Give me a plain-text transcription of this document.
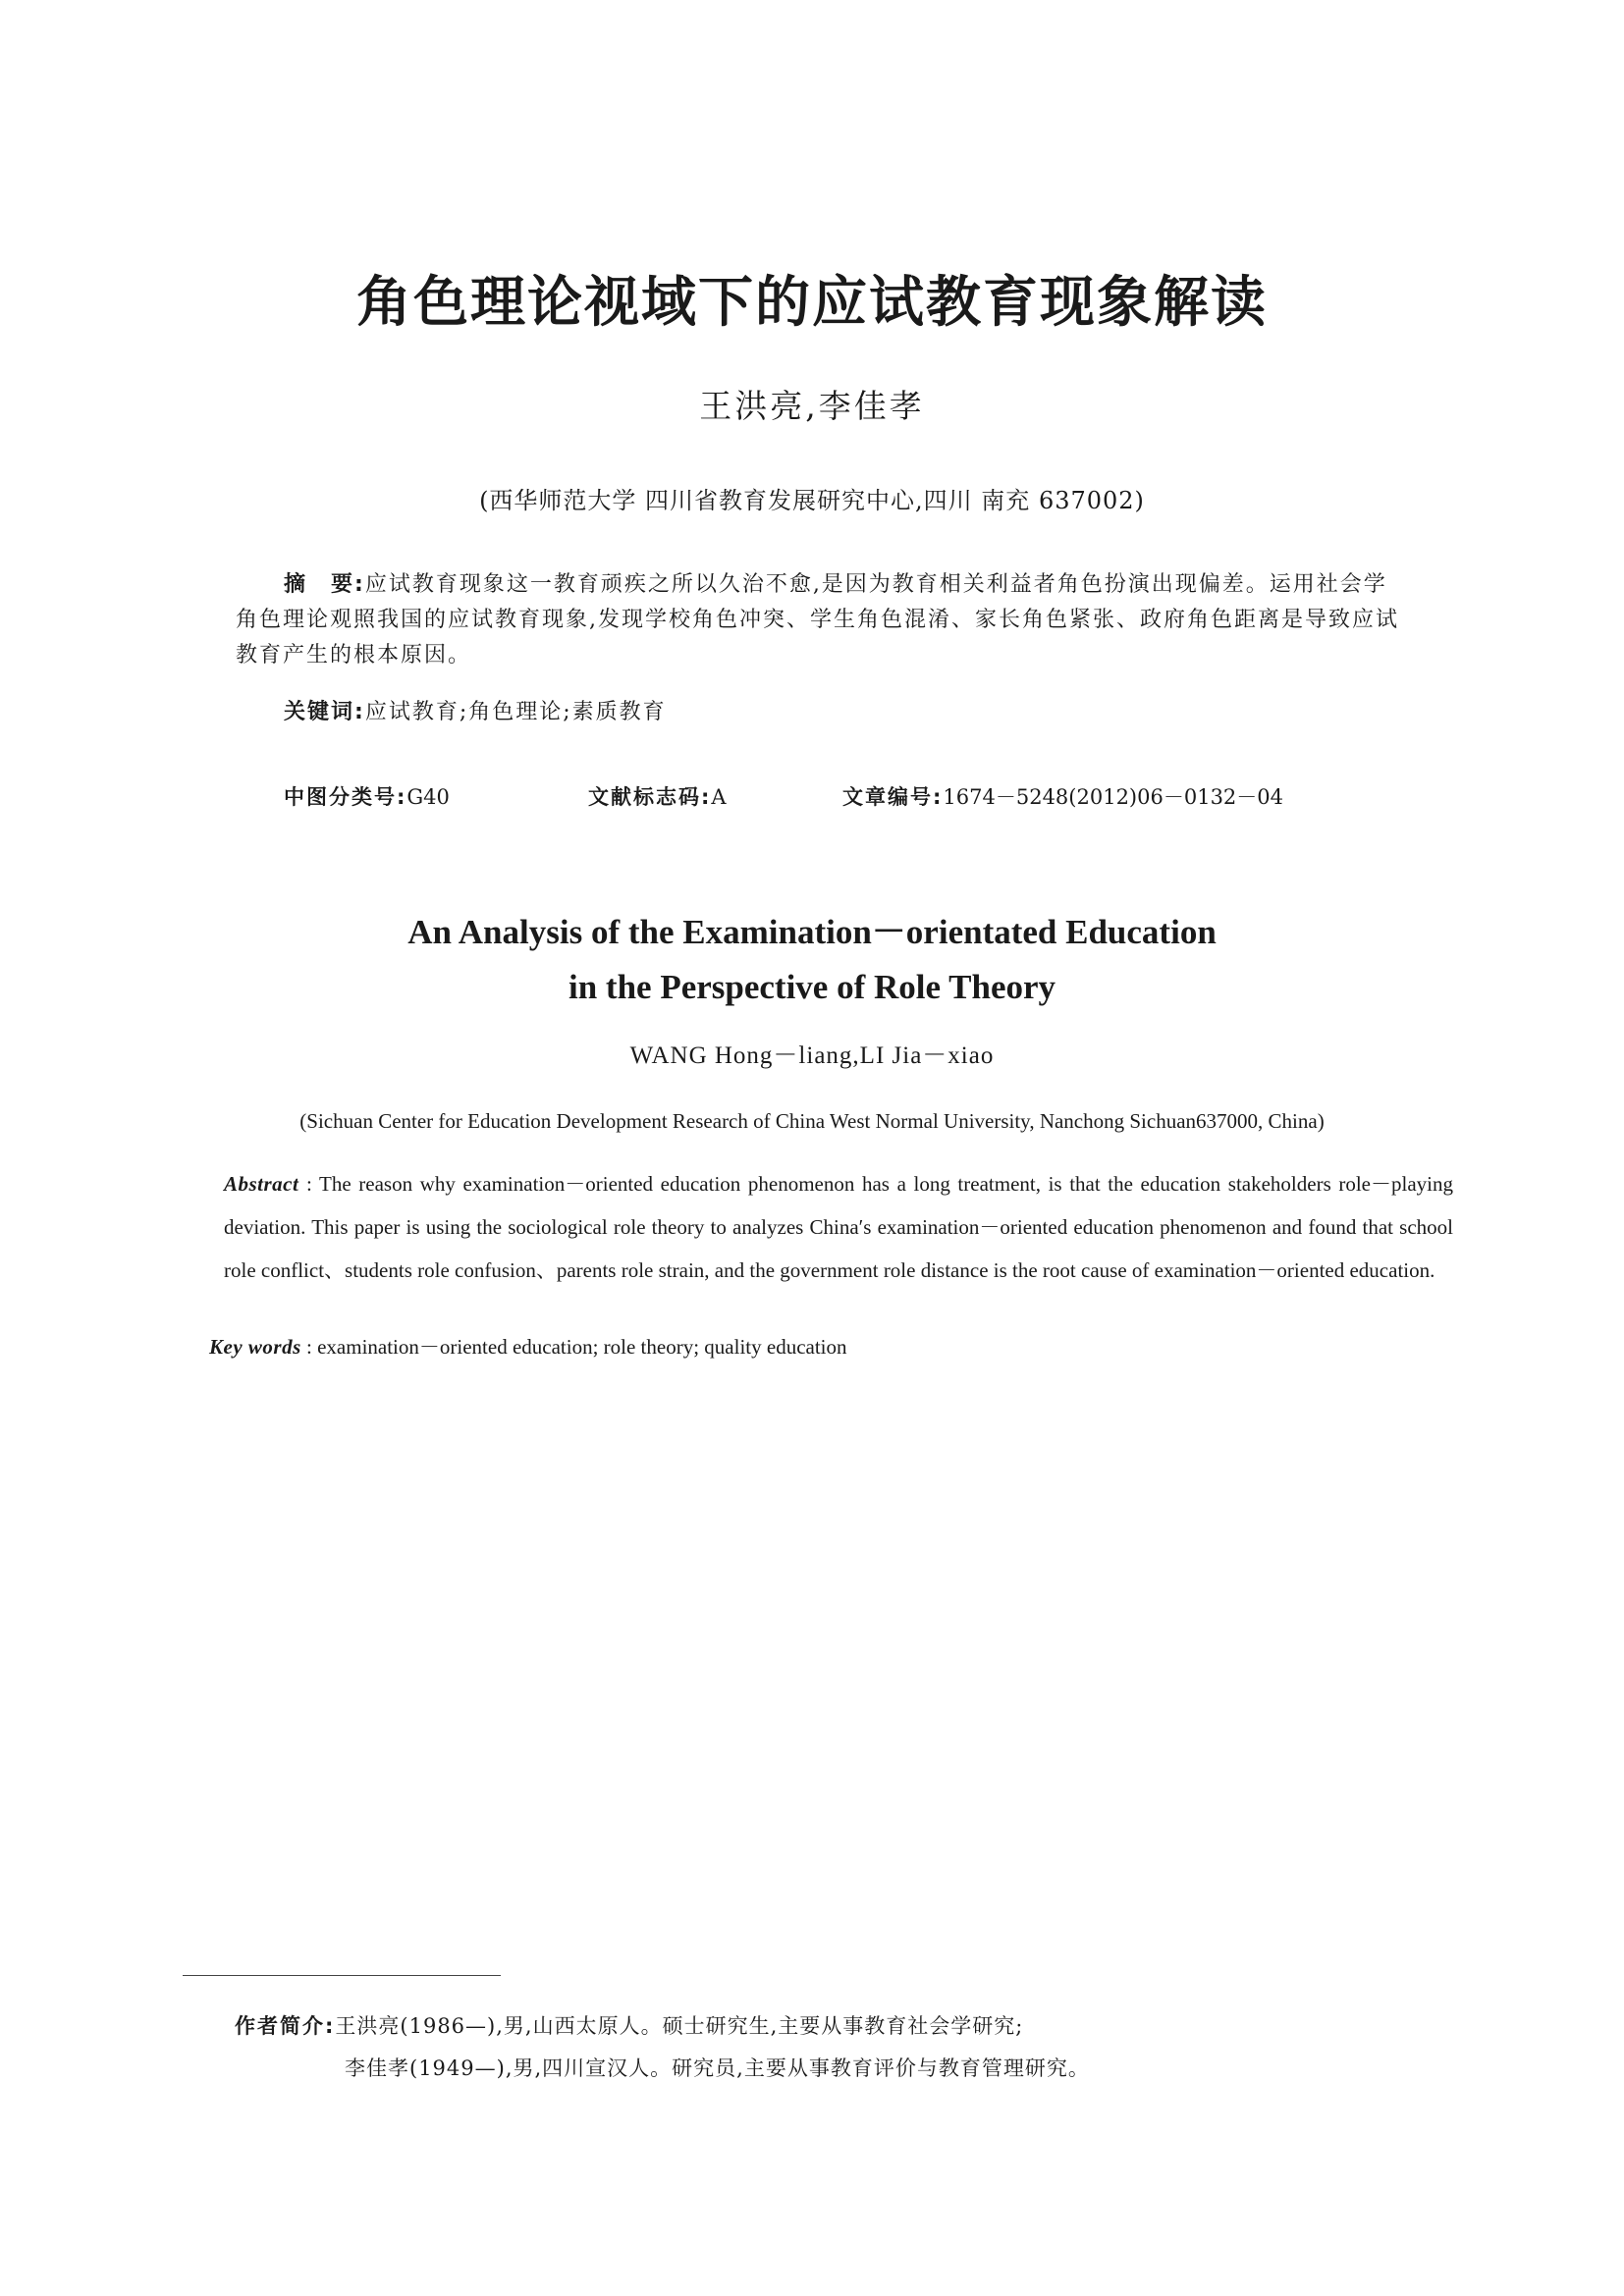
角色理论视域下的应试教育现象解读
王洪亮,李佳孝
(西华师范大学 四川省教育发展研究中心,四川 南充 637002)
摘　要:应试教育现象这一教育顽疾之所以久治不愈,是因为教育相关利益者角色扮演出现偏差。运用社会学角色理论观照我国的应试教育现象,发现学校角色冲突、学生角色混淆、家长角色紧张、政府角色距离是导致应试教育产生的根本原因。
关键词:应试教育;角色理论;素质教育
中图分类号:G40	文献标志码:A	文章编号:1674－5248(2012)06－0132－04
An Analysis of the Examination－orientated Education
in the Perspective of Role Theory
WANG Hong－liang,LI Jia－xiao
(Sichuan Center for Education Development Research of China West Normal University, Nanchong Sichuan637000, China)
Abstract : The reason why examination－oriented education phenomenon has a long treatment, is that the education stakeholders role－playing deviation. This paper is using the sociological role theory to analyzes China′s examination－oriented education phenomenon and found that school role conflict、students role confusion、parents role strain, and the government role distance is the root cause of examination－oriented education.
Key words : examination－oriented education; role theory; quality education
作者简介:王洪亮(1986—),男,山西太原人。硕士研究生,主要从事教育社会学研究;
李佳孝(1949—),男,四川宣汉人。研究员,主要从事教育评价与教育管理研究。
